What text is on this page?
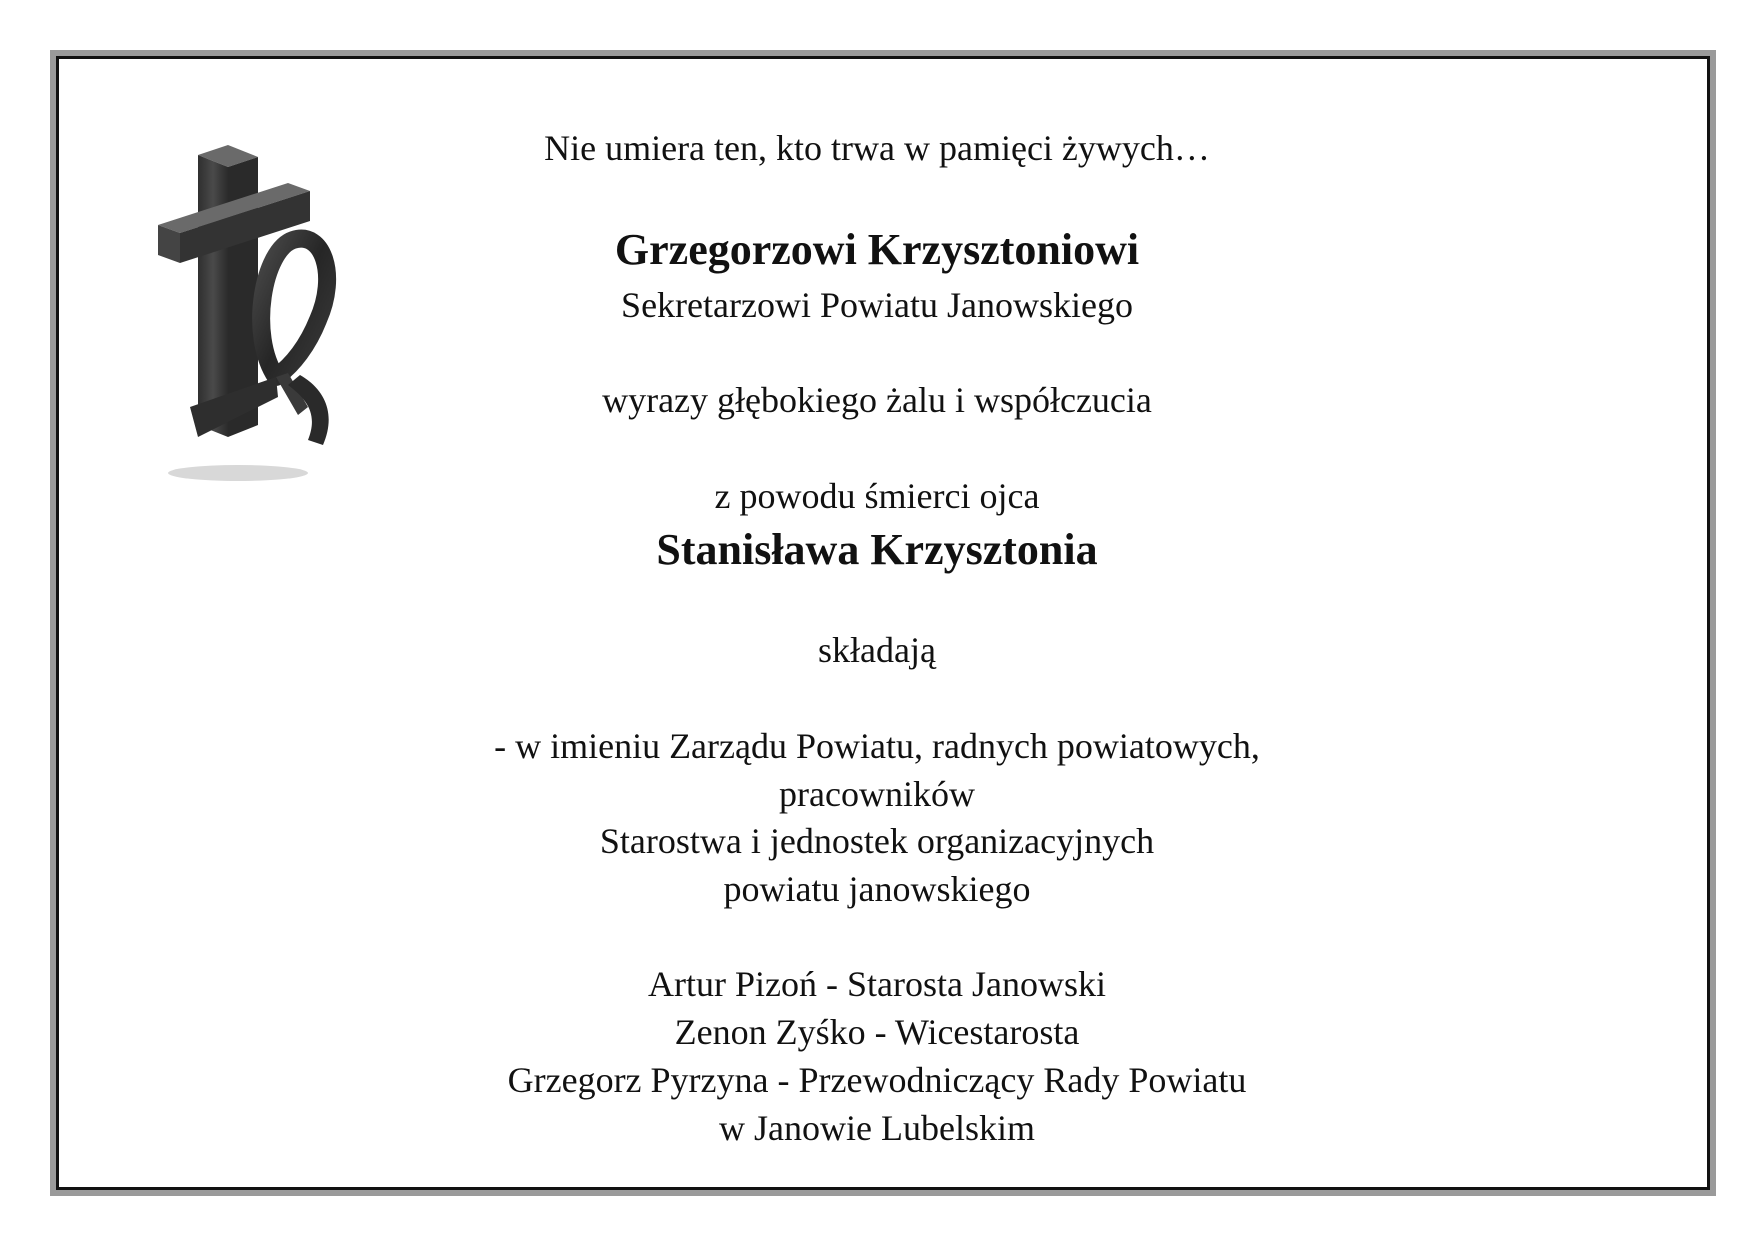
Nie umiera ten, kto trwa w pamięci żywych…
Grzegorzowi Krzysztoniowi
Sekretarzowi Powiatu Janowskiego
wyrazy głębokiego żalu i współczucia
z powodu śmierci ojca
Stanisława Krzysztonia
składają
- w imieniu Zarządu Powiatu, radnych powiatowych,
pracowników
Starostwa i jednostek organizacyjnych
powiatu janowskiego
Artur Pizoń - Starosta Janowski
Zenon Zyśko - Wicestarosta
Grzegorz Pyrzyna - Przewodniczący Rady Powiatu
w Janowie Lubelskim
